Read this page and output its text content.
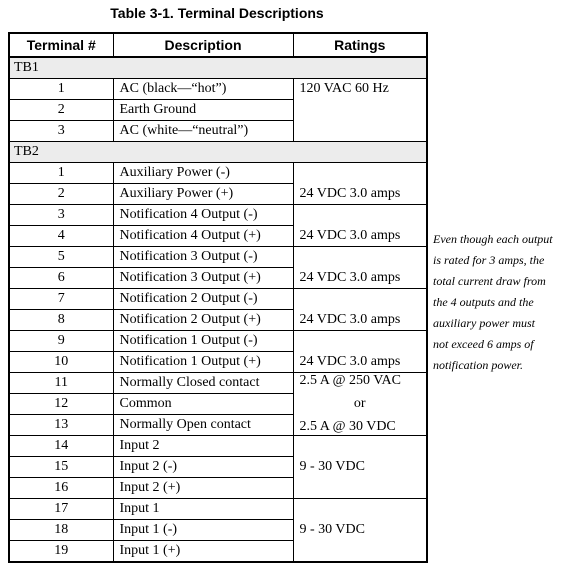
Table 3-1. Terminal Descriptions
Terminal #	Description	Ratings
TB1		
1	AC (black—“hot”)	120 VAC 60 Hz
2	Earth Ground	
3	AC (white—“neutral”)	
TB2		
1	Auxiliary Power (-)	24 VDC 3.0 amps
2	Auxiliary Power (+)	
3	Notification 4 Output (-)	24 VDC 3.0 amps
4	Notification 4 Output (+)	
5	Notification 3 Output (-)	24 VDC 3.0 amps
6	Notification 3 Output (+)	
7	Notification 2 Output (-)	24 VDC 3.0 amps
8	Notification 2 Output (+)	
9	Notification 1 Output (-)	24 VDC 3.0 amps
10	Notification 1 Output (+)	
11	Normally Closed contact	2.5 A @ 250 VAC
or
2.5 A @ 30 VDC

12	Common	
13	Normally Open contact	
14	Input 2	9 - 30 VDC
15	Input 2 (-)	
16	Input 2 (+)	
17	Input 1	9 - 30 VDC
18	Input 1 (-)	
19	Input 1 (+)	
Even though each output
is rated for 3 amps, the
total current draw from
the 4 outputs and the
auxiliary power must
not exceed 6 amps of
notification power.
